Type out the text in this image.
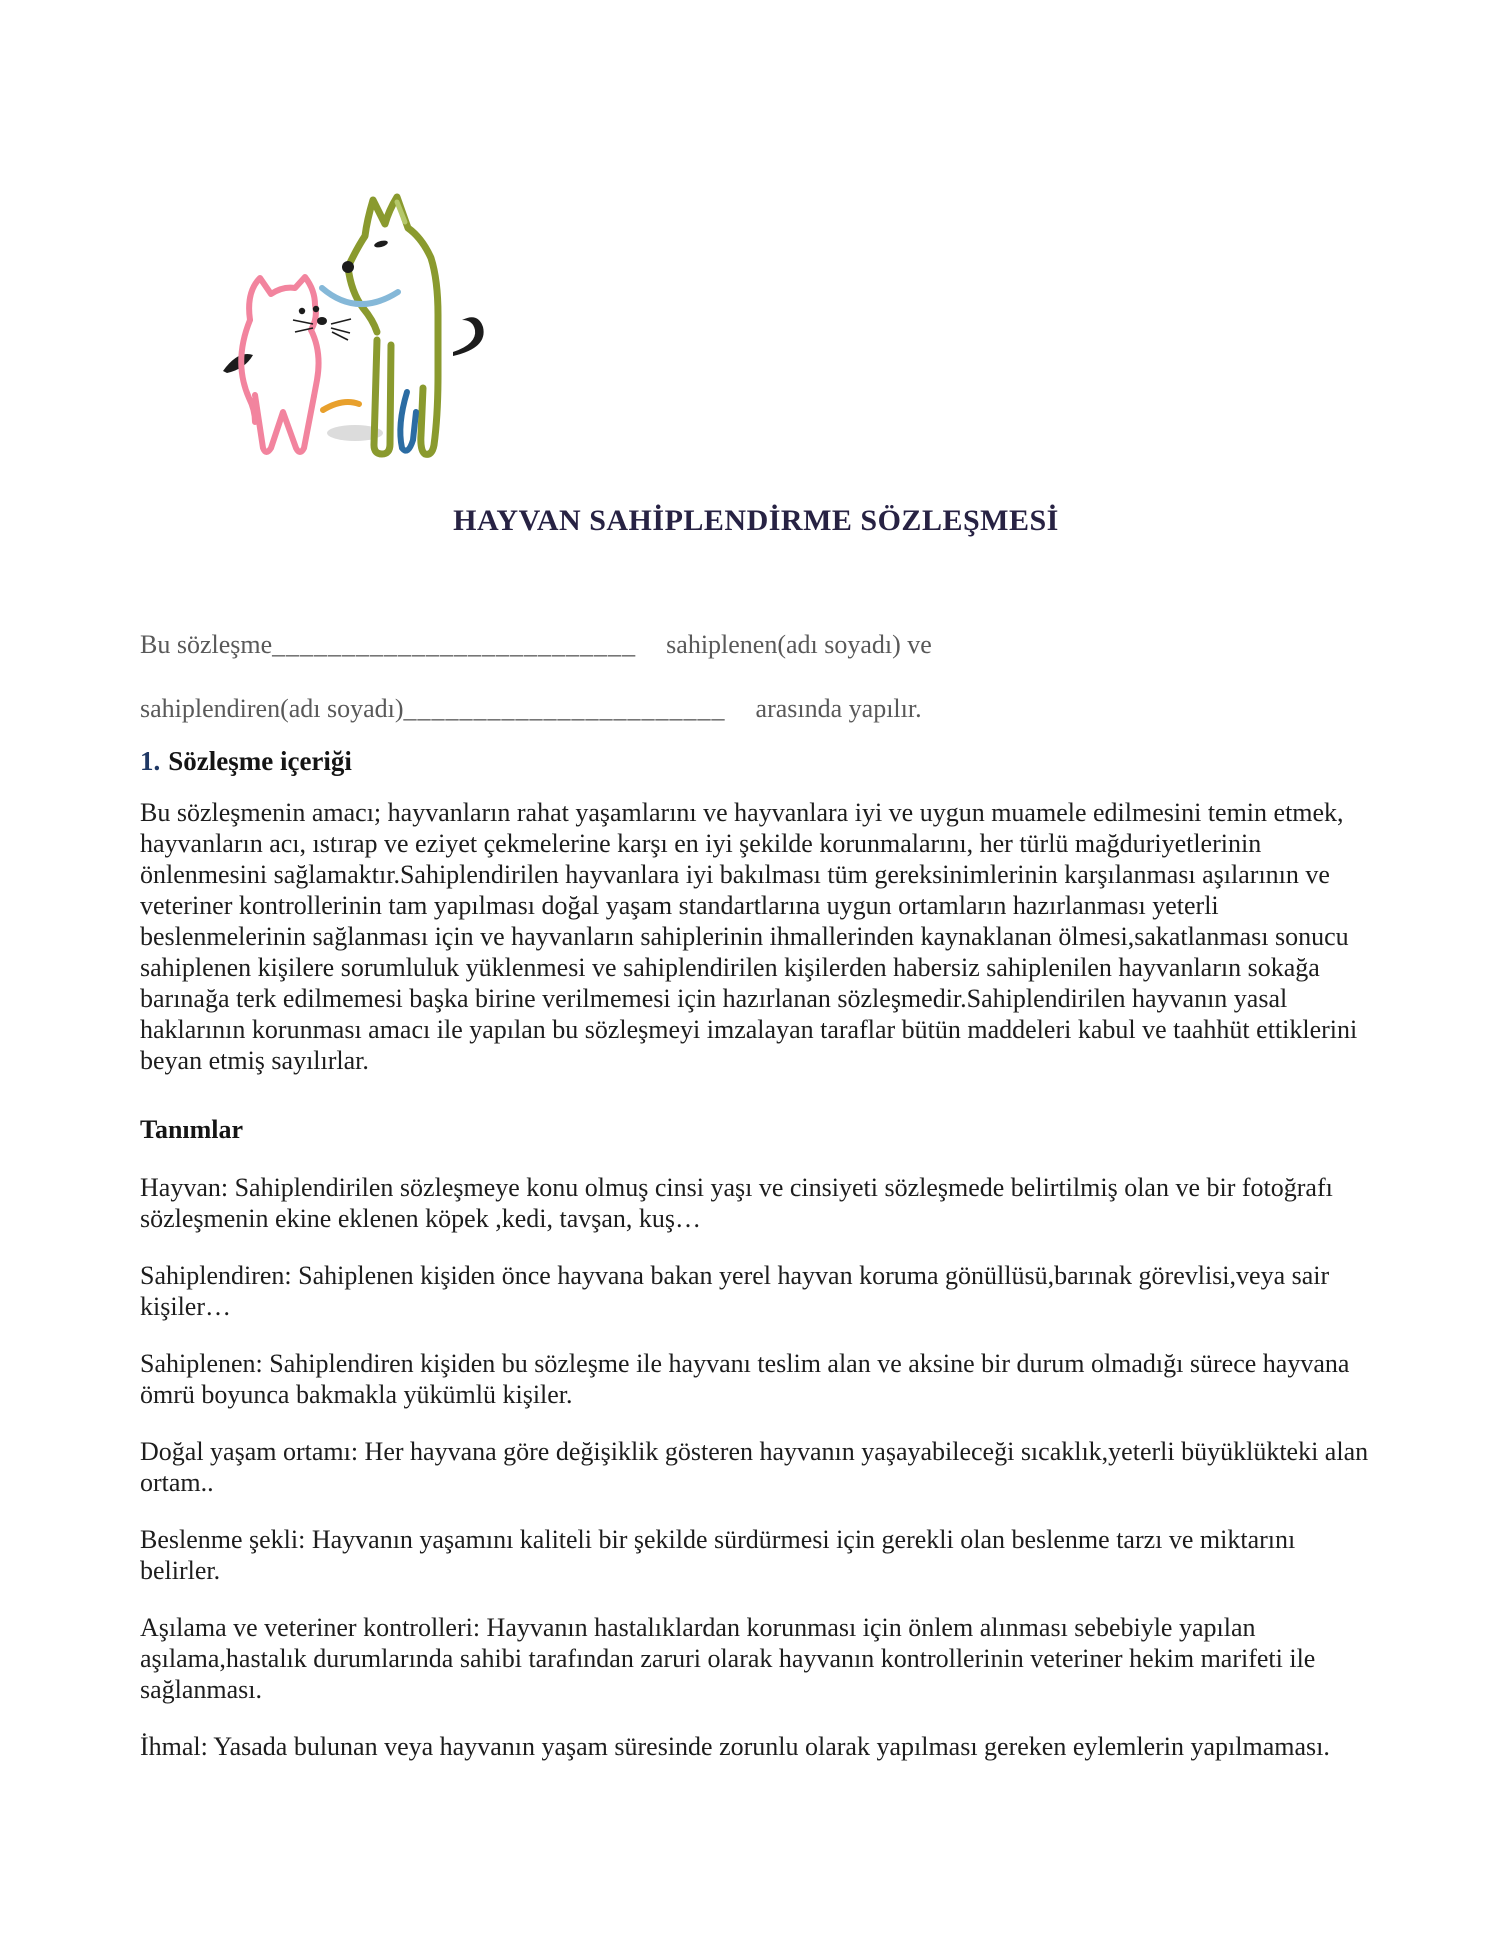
HAYVAN SAHİPLENDİRME SÖZLEŞMESİ

Bu sözleşme__________________________ sahiplenen(adı soyadı) ve

sahiplendiren(adı soyadı)_______________________ arasında yapılır.

1. Sözleşme içeriği

Bu sözleşmenin amacı; hayvanların rahat yaşamlarını ve hayvanlara iyi ve uygun muamele edilmesini temin etmek, hayvanların acı, ıstırap ve eziyet çekmelerine karşı en iyi şekilde korunmalarını, her türlü mağduriyetlerinin önlenmesini sağlamaktır.Sahiplendirilen hayvanlara iyi bakılması tüm gereksinimlerinin karşılanması aşılarının ve veteriner kontrollerinin tam yapılması doğal yaşam standartlarına uygun ortamların hazırlanması yeterli beslenmelerinin sağlanması için ve hayvanların sahiplerinin ihmallerinden kaynaklanan ölmesi,sakatlanması sonucu sahiplenen kişilere sorumluluk yüklenmesi ve sahiplendirilen kişilerden habersiz sahiplenilen hayvanların sokağa barınağa terk edilmemesi başka birine verilmemesi için hazırlanan sözleşmedir.Sahiplendirilen hayvanın yasal haklarının korunması amacı ile yapılan bu sözleşmeyi imzalayan taraflar bütün maddeleri kabul ve taahhüt ettiklerini beyan etmiş sayılırlar.

Tanımlar

Hayvan: Sahiplendirilen sözleşmeye konu olmuş cinsi yaşı ve cinsiyeti sözleşmede belirtilmiş olan ve bir fotoğrafı sözleşmenin ekine eklenen köpek ,kedi, tavşan, kuş…

Sahiplendiren: Sahiplenen kişiden önce hayvana bakan yerel hayvan koruma gönüllüsü,barınak görevlisi,veya sair kişiler…

Sahiplenen: Sahiplendiren kişiden bu sözleşme ile hayvanı teslim alan ve aksine bir durum olmadığı sürece hayvana ömrü boyunca bakmakla yükümlü kişiler.

Doğal yaşam ortamı: Her hayvana göre değişiklik gösteren hayvanın yaşayabileceği sıcaklık,yeterli büyüklükteki alan ortam..

Beslenme şekli: Hayvanın yaşamını kaliteli bir şekilde sürdürmesi için gerekli olan beslenme tarzı ve miktarını belirler.

Aşılama ve veteriner kontrolleri: Hayvanın hastalıklardan korunması için önlem alınması sebebiyle yapılan aşılama,hastalık durumlarında sahibi tarafından zaruri olarak hayvanın kontrollerinin veteriner hekim marifeti ile sağlanması.

İhmal: Yasada bulunan veya hayvanın yaşam süresinde zorunlu olarak yapılması gereken eylemlerin yapılmaması.
